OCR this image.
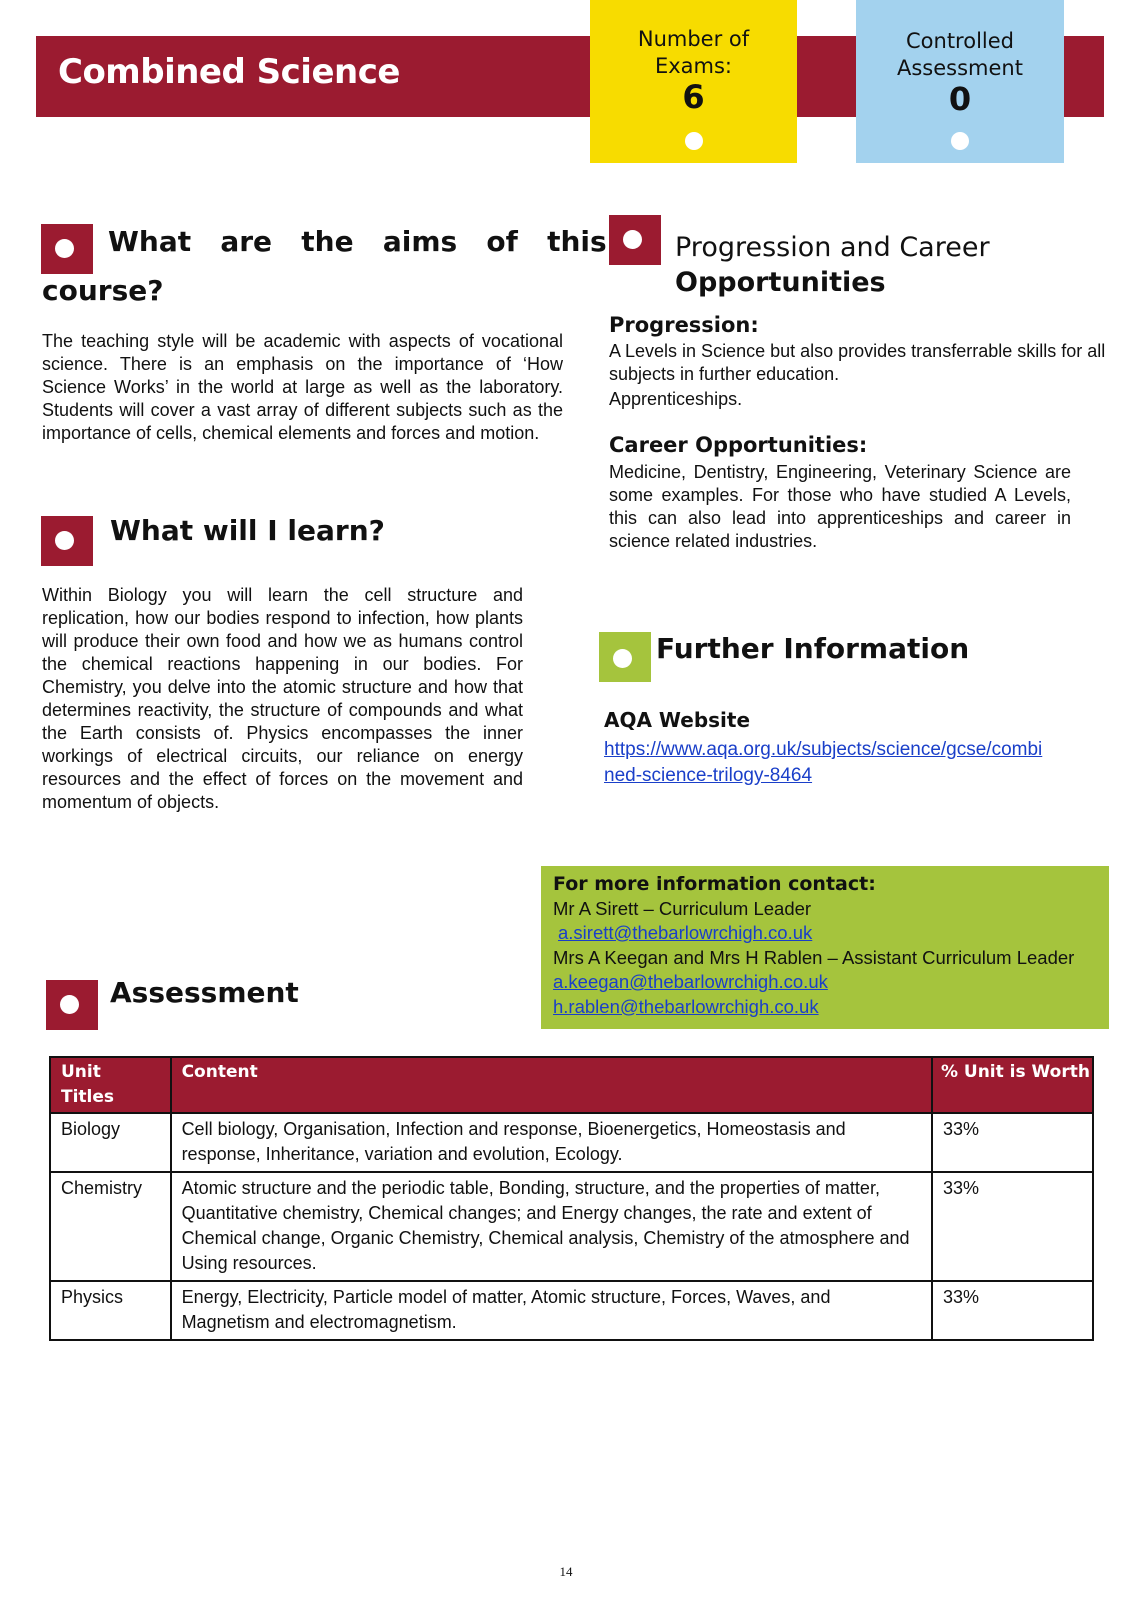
Combined Science
Number of Exams:
6
Controlled Assessment
0
What   are   the   aims   of   this
course?
The teaching style will be academic with aspects of vocational science. There is an emphasis on the importance of ‘How Science Works’ in the world at large as well as the laboratory. Students will cover a vast array of different subjects such as the importance of cells, chemical elements and forces and motion.
What will I learn?
Within Biology you will learn the cell structure and replication, how our bodies respond to infection, how plants will produce their own food and how we as humans control the chemical reactions happening in our bodies. For Chemistry, you delve into the atomic structure and how that determines reactivity, the structure of compounds and what the Earth consists of. Physics encompasses the inner workings of electrical circuits, our reliance on energy resources and the effect of forces on the movement and momentum of objects.
Progression and Career
Opportunities
Progression:
A Levels in Science but also provides transferrable skills for all subjects in further education.
Apprenticeships.
Career Opportunities:
Medicine, Dentistry, Engineering, Veterinary Science are some examples. For those who have studied A Levels, this can also lead into apprenticeships and career in science related industries.
Further Information
AQA Website
https://www.aqa.org.uk/subjects/science/gcse/combi
ned-science-trilogy-8464
For more information contact:
Mr A Sirett – Curriculum Leader
a.sirett@thebarlowrchigh.co.uk
Mrs A Keegan and Mrs H Rablen – Assistant Curriculum Leader
a.keegan@thebarlowrchigh.co.uk
h.rablen@thebarlowrchigh.co.uk
Assessment
Unit Titles	Content	% Unit is Worth
Biology	Cell biology, Organisation, Infection and response, Bioenergetics, Homeostasis and response, Inheritance, variation and evolution, Ecology.	33%
Chemistry	Atomic structure and the periodic table, Bonding, structure, and the properties of matter, Quantitative chemistry, Chemical changes; and Energy changes, the rate and extent of Chemical change, Organic Chemistry, Chemical analysis, Chemistry of the atmosphere and Using resources.	33%
Physics	Energy, Electricity, Particle model of matter, Atomic structure, Forces, Waves, and Magnetism and electromagnetism.	33%
14
